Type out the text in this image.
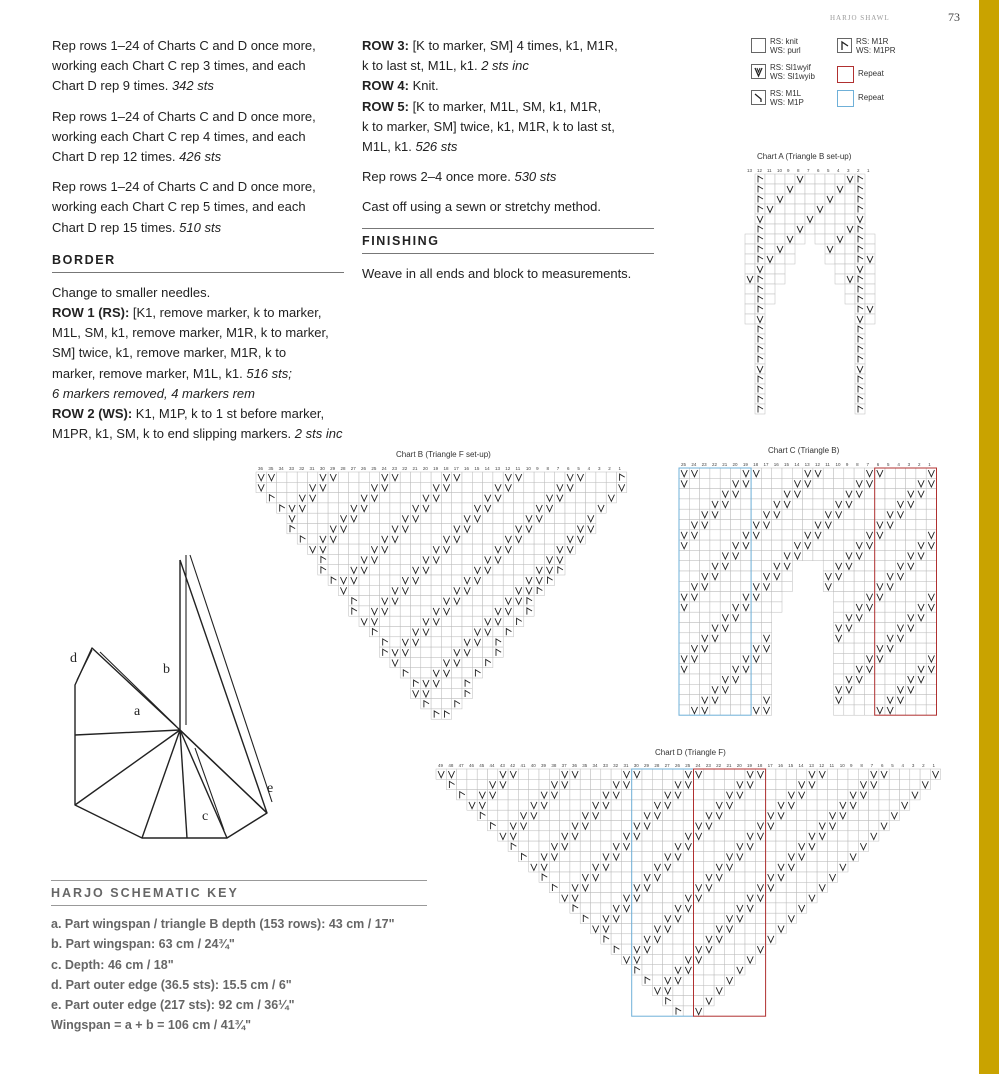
HARJO SHAWL	73

Rep rows 1–24 of Charts C and D once more,
working each Chart C rep 3 times, and each
Chart D rep 9 times. 342 sts

Rep rows 1–24 of Charts C and D once more,
working each Chart C rep 4 times, and each
Chart D rep 12 times. 426 sts

Rep rows 1–24 of Charts C and D once more,
working each Chart C rep 5 times, and each
Chart D rep 15 times. 510 sts

BORDER

Change to smaller needles.
ROW 1 (RS): [K1, remove marker, k to marker,
M1L, SM, k1, remove marker, M1R, k to marker,
SM] twice, k1, remove marker, M1R, k to
marker, remove marker, M1L, k1. 516 sts;
6 markers removed, 4 markers rem
ROW 2 (WS): K1, M1P, k to 1 st before marker,
M1PR, k1, SM, k to end slipping markers. 2 sts inc

ROW 3: [K to marker, SM] 4 times, k1, M1R,
k to last st, M1L, k1. 2 sts inc
ROW 4: Knit.
ROW 5: [K to marker, M1L, SM, k1, M1R,
k to marker, SM] twice, k1, M1R, k to last st,
M1L, k1. 526 sts

Rep rows 2–4 once more. 530 sts

Cast off using a sewn or stretchy method.

FINISHING

Weave in all ends and block to measurements.

RS: knit
WS: purl
RS: Sl1wyif
WS: Sl1wyib
RS: M1L
WS: M1P
RS: M1R
WS: M1PR
Repeat
Repeat
Chart A (Triangle B set-up)
Chart B (Triangle F set-up)	Chart C (Triangle B)
Chart D (Triangle F)
13 12 11 10 9 8 7 6 5 4 3 2 1
36 35 34 33 32 31 30 29 28 27 26 25 24 23 22 21 20 19 18 17 16 15 14 13 12 11 10 9 8 7 6 5 4 3 2 1
25 24 23 22 21 20 19 18 17 16 15 14 13 12 11 10 9 8 7 6 5 4 3 2 1
49 48 47 46 45 44 43 42 41 40 39 38 37 36 35 34 33 32 31 30 29 28 27 26 25 24 23 22 21 20 19 18 17 16 15 14 13 12 11 10 9 8 7 6 5 4 3 2 1
a
b
c
d
e
HARJO SCHEMATIC KEY
a. Part wingspan / triangle B depth (153 rows): 43 cm / 17"
b. Part wingspan: 63 cm / 24¾"
c. Depth: 46 cm / 18"
d. Part outer edge (36.5 sts): 15.5 cm / 6"
e. Part outer edge (217 sts): 92 cm / 36¼"
Wingspan = a + b = 106 cm / 41¾"
